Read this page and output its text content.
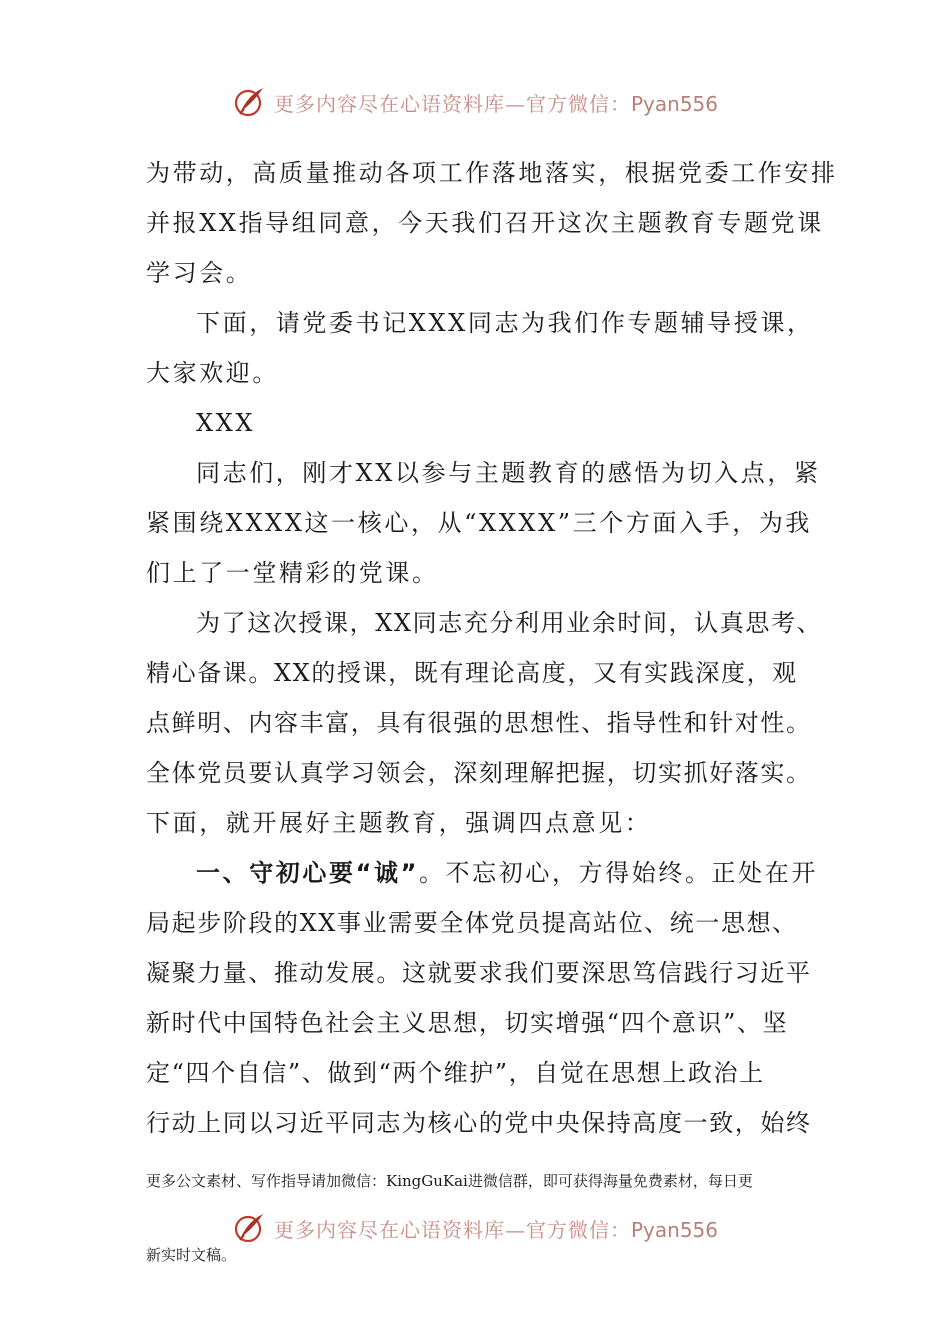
更多内容尽在心语资料库—官方微信：Pyan556
为带动，高质量推动各项工作落地落实，根据党委工作安排
并报XX指导组同意，今天我们召开这次主题教育专题党课
学习会。
下面，请党委书记XXX同志为我们作专题辅导授课，
大家欢迎。
XXX
同志们，刚才XX以参与主题教育的感悟为切入点，紧
紧围绕XXXX这一核心，从“XXXX”三个方面入手，为我
们上了一堂精彩的党课。
为了这次授课，XX同志充分利用业余时间，认真思考、
精心备课。XX的授课，既有理论高度，又有实践深度，观
点鲜明、内容丰富，具有很强的思想性、指导性和针对性。
全体党员要认真学习领会，深刻理解把握，切实抓好落实。
下面，就开展好主题教育，强调四点意见：
一、守初心要“诚”。不忘初心，方得始终。正处在开
局起步阶段的XX事业需要全体党员提高站位、统一思想、
凝聚力量、推动发展。这就要求我们要深思笃信践行习近平
新时代中国特色社会主义思想，切实增强“四个意识”、坚
定“四个自信”、做到“两个维护”，自觉在思想上政治上
行动上同以习近平同志为核心的党中央保持高度一致，始终
更多公文素材、写作指导请加微信：KingGuKai进微信群，即可获得海量免费素材，每日更
更多内容尽在心语资料库—官方微信：Pyan556
新实时文稿。
